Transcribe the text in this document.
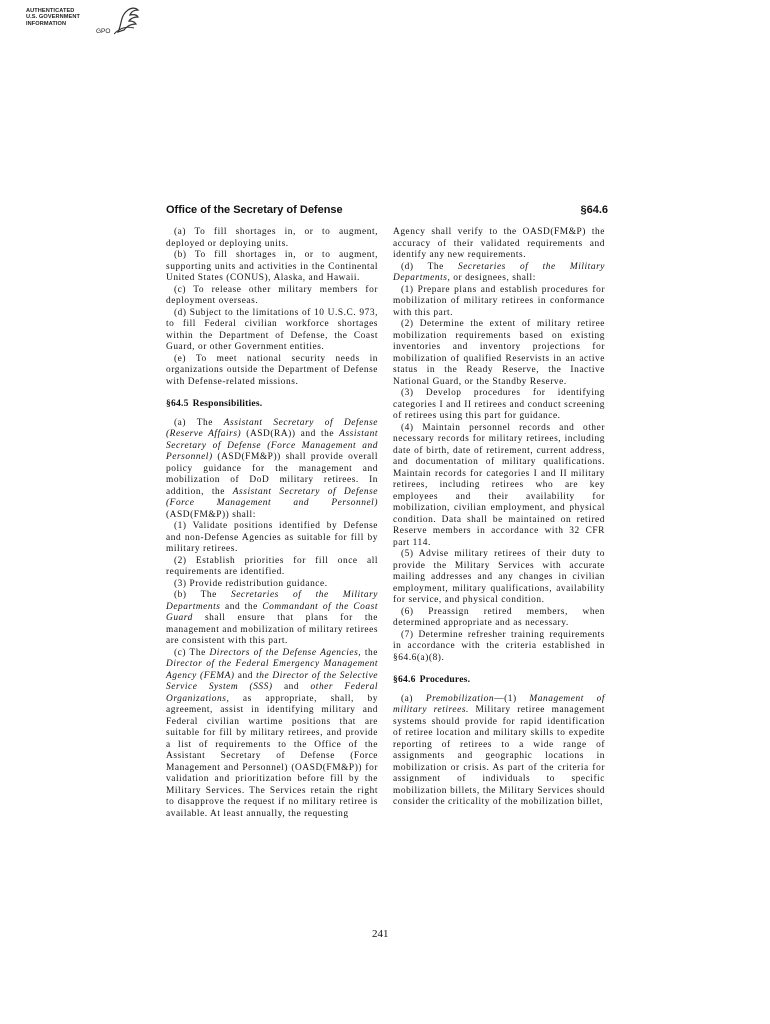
AUTHENTICATED
U.S. GOVERNMENT
INFORMATION
GPO
Office of the Secretary of Defense	§64.6

(a) To fill shortages in, or to augment, deployed or deploying units.

(b) To fill shortages in, or to augment, supporting units and activities in the Continental United States (CONUS), Alaska, and Hawaii.

(c) To release other military members for deployment overseas.

(d) Subject to the limitations of 10 U.S.C. 973, to fill Federal civilian workforce shortages within the Department of Defense, the Coast Guard, or other Government entities.

(e) To meet national security needs in organizations outside the Department of Defense with Defense-related missions.

§64.5 Responsibilities.

(a) The Assistant Secretary of Defense (Reserve Affairs) (ASD(RA)) and the Assistant Secretary of Defense (Force Management and Personnel) (ASD(FM&P)) shall provide overall policy guidance for the management and mobilization of DoD military retirees. In addition, the Assistant Secretary of Defense (Force Management and Personnel) (ASD(FM&P)) shall:

(1) Validate positions identified by Defense and non-Defense Agencies as suitable for fill by military retirees.

(2) Establish priorities for fill once all requirements are identified.

(3) Provide redistribution guidance.

(b) The Secretaries of the Military Departments and the Commandant of the Coast Guard shall ensure that plans for the management and mobilization of military retirees are consistent with this part.

(c) The Directors of the Defense Agencies, the Director of the Federal Emergency Management Agency (FEMA) and the Director of the Selective Service System (SSS) and other Federal Organizations, as appropriate, shall, by agreement, assist in identifying military and Federal civilian wartime positions that are suitable for fill by military retirees, and provide a list of requirements to the Office of the Assistant Secretary of Defense (Force Management and Personnel) (OASD(FM&P)) for validation and prioritization before fill by the Military Services. The Services retain the right to disapprove the request if no military retiree is available. At least annually, the requesting

Agency shall verify to the OASD(FM&P) the accuracy of their validated requirements and identify any new requirements.

(d) The Secretaries of the Military Departments, or designees, shall:

(1) Prepare plans and establish procedures for mobilization of military retirees in conformance with this part.

(2) Determine the extent of military retiree mobilization requirements based on existing inventories and inventory projections for mobilization of qualified Reservists in an active status in the Ready Reserve, the Inactive National Guard, or the Standby Reserve.

(3) Develop procedures for identifying categories I and II retirees and conduct screening of retirees using this part for guidance.

(4) Maintain personnel records and other necessary records for military retirees, including date of birth, date of retirement, current address, and documentation of military qualifications. Maintain records for categories I and II military retirees, including retirees who are key employees and their availability for mobilization, civilian employment, and physical condition. Data shall be maintained on retired Reserve members in accordance with 32 CFR part 114.

(5) Advise military retirees of their duty to provide the Military Services with accurate mailing addresses and any changes in civilian employment, military qualifications, availability for service, and physical condition.

(6) Preassign retired members, when determined appropriate and as necessary.

(7) Determine refresher training requirements in accordance with the criteria established in §64.6(a)(8).

§64.6 Procedures.

(a) Premobilization—(1) Management of military retirees. Military retiree management systems should provide for rapid identification of retiree location and military skills to expedite reporting of retirees to a wide range of assignments and geographic locations in mobilization or crisis. As part of the criteria for assignment of individuals to specific mobilization billets, the Military Services should consider the criticality of the mobilization billet,

241
